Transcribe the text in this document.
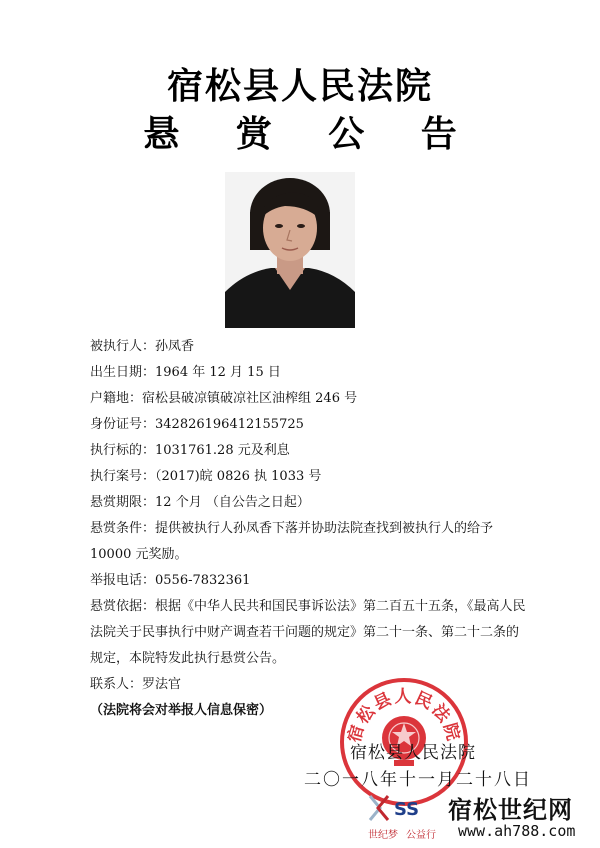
宿松县人民法院
悬 赏 公 告
被执行人：孙凤香
出生日期：1964 年 12 月 15 日
户籍地：宿松县破凉镇破凉社区油榨组 246 号
身份证号：342826196412155725
执行标的：1031761.28 元及利息
执行案号：（2017)皖 0826 执 1033 号
悬赏期限：12 个月 （自公告之日起）
悬赏条件：提供被执行人孙凤香下落并协助法院查找到被执行人的给予 10000 元奖励。
举报电话：0556-7832361
悬赏依据：根据《中华人民共和国民事诉讼法》第二百五十五条，《最高人民法院关于民事执行中财产调查若干问题的规定》第二十一条、第二十二条的规定，本院特发此执行悬赏公告。
联系人：罗法官
（法院将会对举报人信息保密）
宿松县人民法院
宿松县人民法院
二〇一八年十一月二十八日
SS 宿松世纪网
www.ah788.com
世纪梦 公益行
